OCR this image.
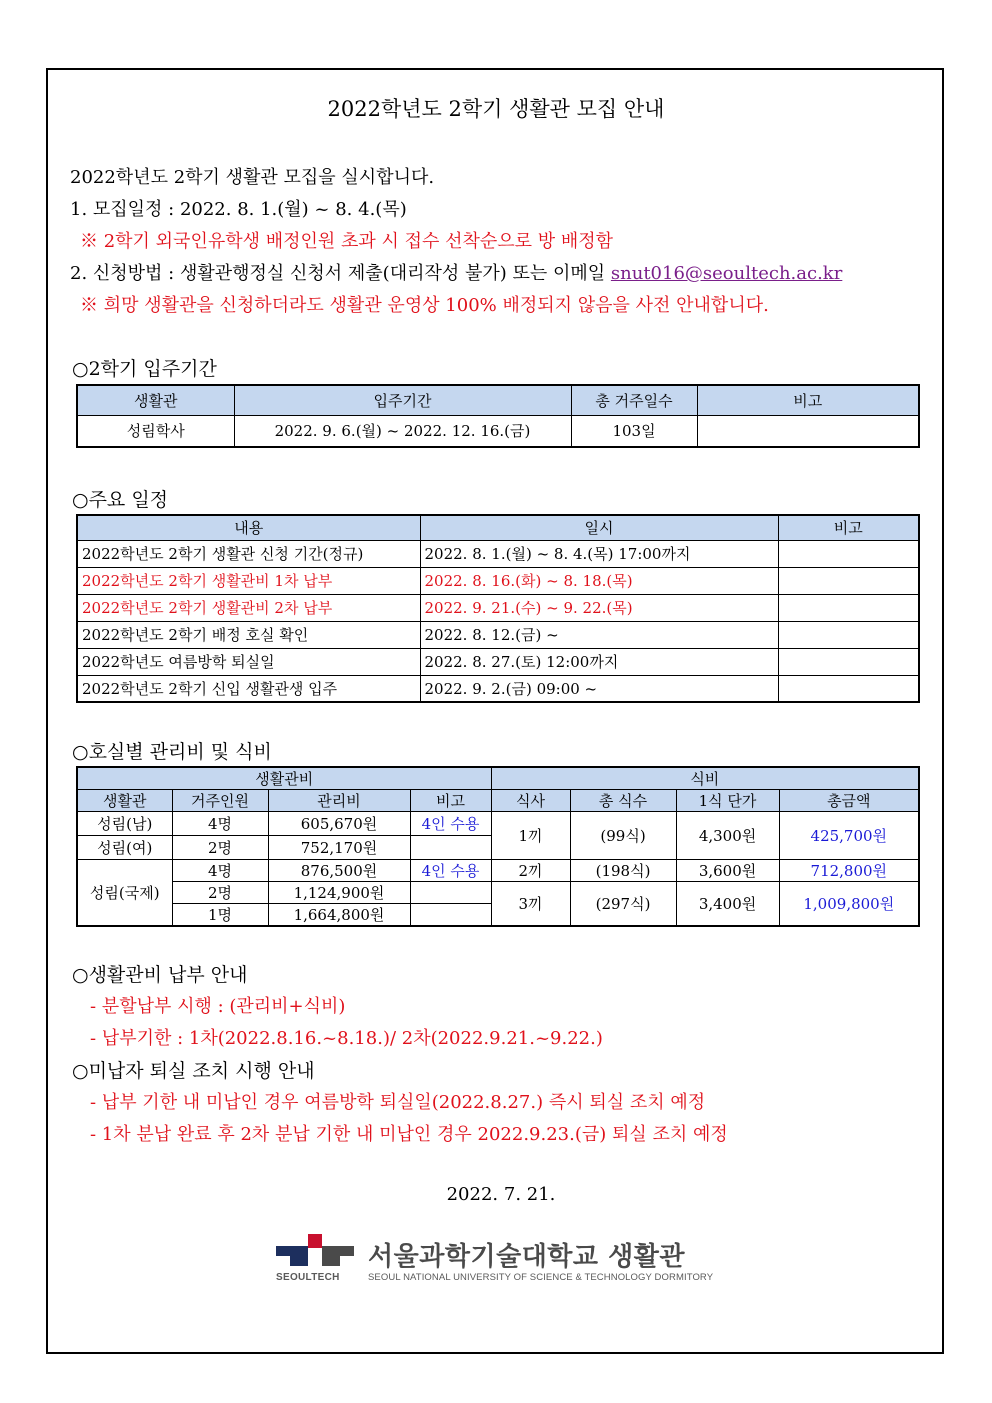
2022학년도 2학기 생활관 모집 안내
2022학년도 2학기 생활관 모집을 실시합니다.
1. 모집일정 : 2022. 8. 1.(월) ~ 8. 4.(목)
※ 2학기 외국인유학생 배정인원 초과 시 접수 선착순으로 방 배정함
2. 신청방법 : 생활관행정실 신청서 제출(대리작성 불가) 또는 이메일 snut016@seoultech.ac.kr
※ 희망 생활관을 신청하더라도 생활관 운영상 100% 배정되지 않음을 사전 안내합니다.
○2학기 입주기간
생활관	입주기간	총 거주일수	비고
성림학사	2022. 9. 6.(월) ~ 2022. 12. 16.(금)	103일	
○주요 일정
내용	일시	비고
2022학년도 2학기 생활관 신청 기간(정규)	2022. 8. 1.(월) ~ 8. 4.(목) 17:00까지	
2022학년도 2학기 생활관비 1차 납부	2022. 8. 16.(화) ~ 8. 18.(목)	
2022학년도 2학기 생활관비 2차 납부	2022. 9. 21.(수) ~ 9. 22.(목)	
2022학년도 2학기 배정 호실 확인	2022. 8. 12.(금) ~	
2022학년도 여름방학 퇴실일	2022. 8. 27.(토) 12:00까지	
2022학년도 2학기 신입 생활관생 입주	2022. 9. 2.(금) 09:00 ~	
○호실별 관리비 및 식비
생활관비				식비			
생활관	거주인원	관리비	비고	식사	총 식수	1식 단가	총금액
성림(남)	4명	605,670원	4인 수용	1끼	(99식)	4,300원	425,700원
성림(여)	2명	752,170원					
성림(국제)	4명	876,500원	4인 수용	2끼	(198식)	3,600원	712,800원
	2명	1,124,900원		3끼	(297식)	3,400원	1,009,800원
	1명	1,664,800원					
○생활관비 납부 안내
- 분할납부 시행 : (관리비+식비)
- 납부기한 : 1차(2022.8.16.~8.18.)/ 2차(2022.9.21.~9.22.)
○미납자 퇴실 조치 시행 안내
- 납부 기한 내 미납인 경우 여름방학 퇴실일(2022.8.27.) 즉시 퇴실 조치 예정
- 1차 분납 완료 후 2차 분납 기한 내 미납인 경우 2022.9.23.(금) 퇴실 조치 예정
2022. 7. 21.
서울과학기술대학교 생활관
SEOULTECH	SEOUL NATIONAL UNIVERSITY OF SCIENCE & TECHNOLOGY DORMITORY
